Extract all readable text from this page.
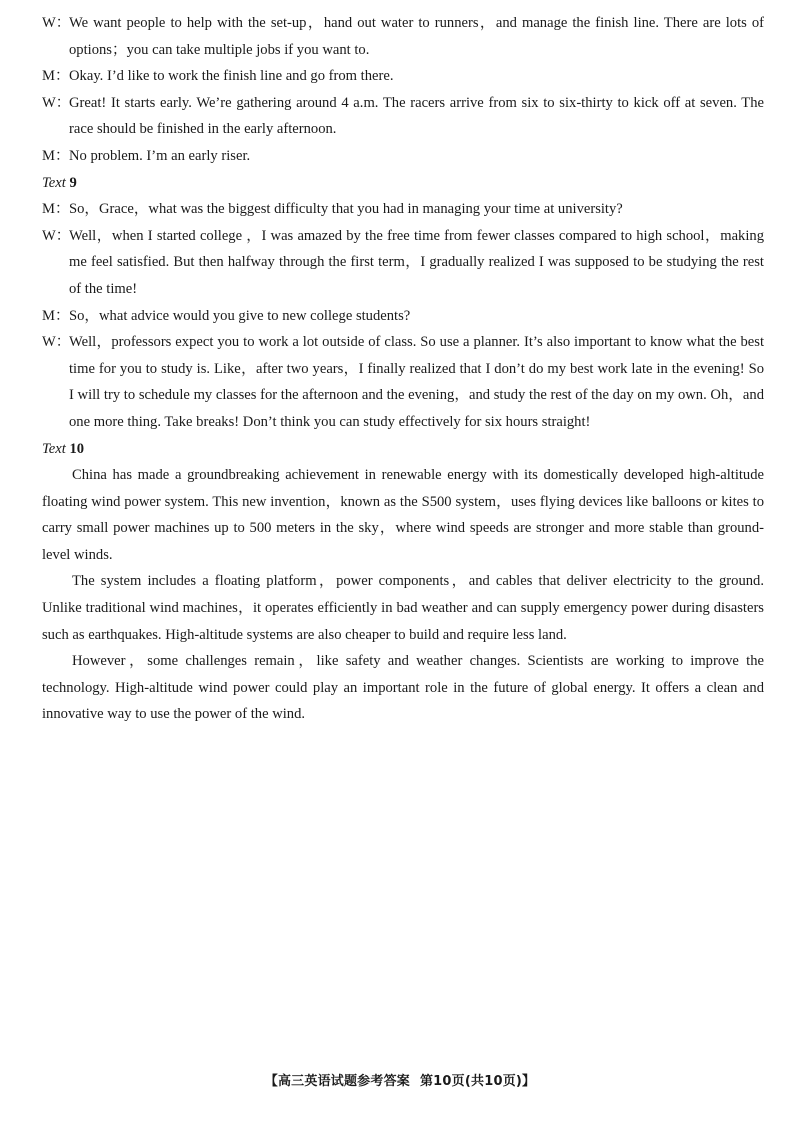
W：We want people to help with the set-up，hand out water to runners，and manage the finish line. There are lots of options；you can take multiple jobs if you want to.

M：Okay. I’d like to work the finish line and go from there.

W：Great! It starts early. We’re gathering around 4 a.m. The racers arrive from six to six-thirty to kick off at seven. The race should be finished in the early afternoon.

M：No problem. I’m an early riser.

Text 9

M：So，Grace，what was the biggest difficulty that you had in managing your time at university?

W：Well，when I started college ，I was amazed by the free time from fewer classes compared to high school，making me feel satisfied. But then halfway through the first term，I gradually realized I was supposed to be studying the rest of the time!

M：So，what advice would you give to new college students?

W：Well，professors expect you to work a lot outside of class. So use a planner. It’s also important to know what the best time for you to study is. Like，after two years，I finally realized that I don’t do my best work late in the evening! So I will try to schedule my classes for the afternoon and the evening，and study the rest of the day on my own. Oh，and one more thing. Take breaks! Don’t think you can study effectively for six hours straight!

Text 10

China has made a groundbreaking achievement in renewable energy with its domestically developed high-altitude floating wind power system. This new invention，known as the S500 system，uses flying devices like balloons or kites to carry small power machines up to 500 meters in the sky，where wind speeds are stronger and more stable than ground-level winds.

The system includes a floating platform，power components，and cables that deliver electricity to the ground. Unlike traditional wind machines，it operates efficiently in bad weather and can supply emergency power during disasters such as earthquakes. High-altitude systems are also cheaper to build and require less land.

However，some challenges remain，like safety and weather changes. Scientists are working to improve the technology. High-altitude wind power could play an important role in the future of global energy. It offers a clean and innovative way to use the power of the wind.

【高三英语试题参考答案 第10页(共10页)】
